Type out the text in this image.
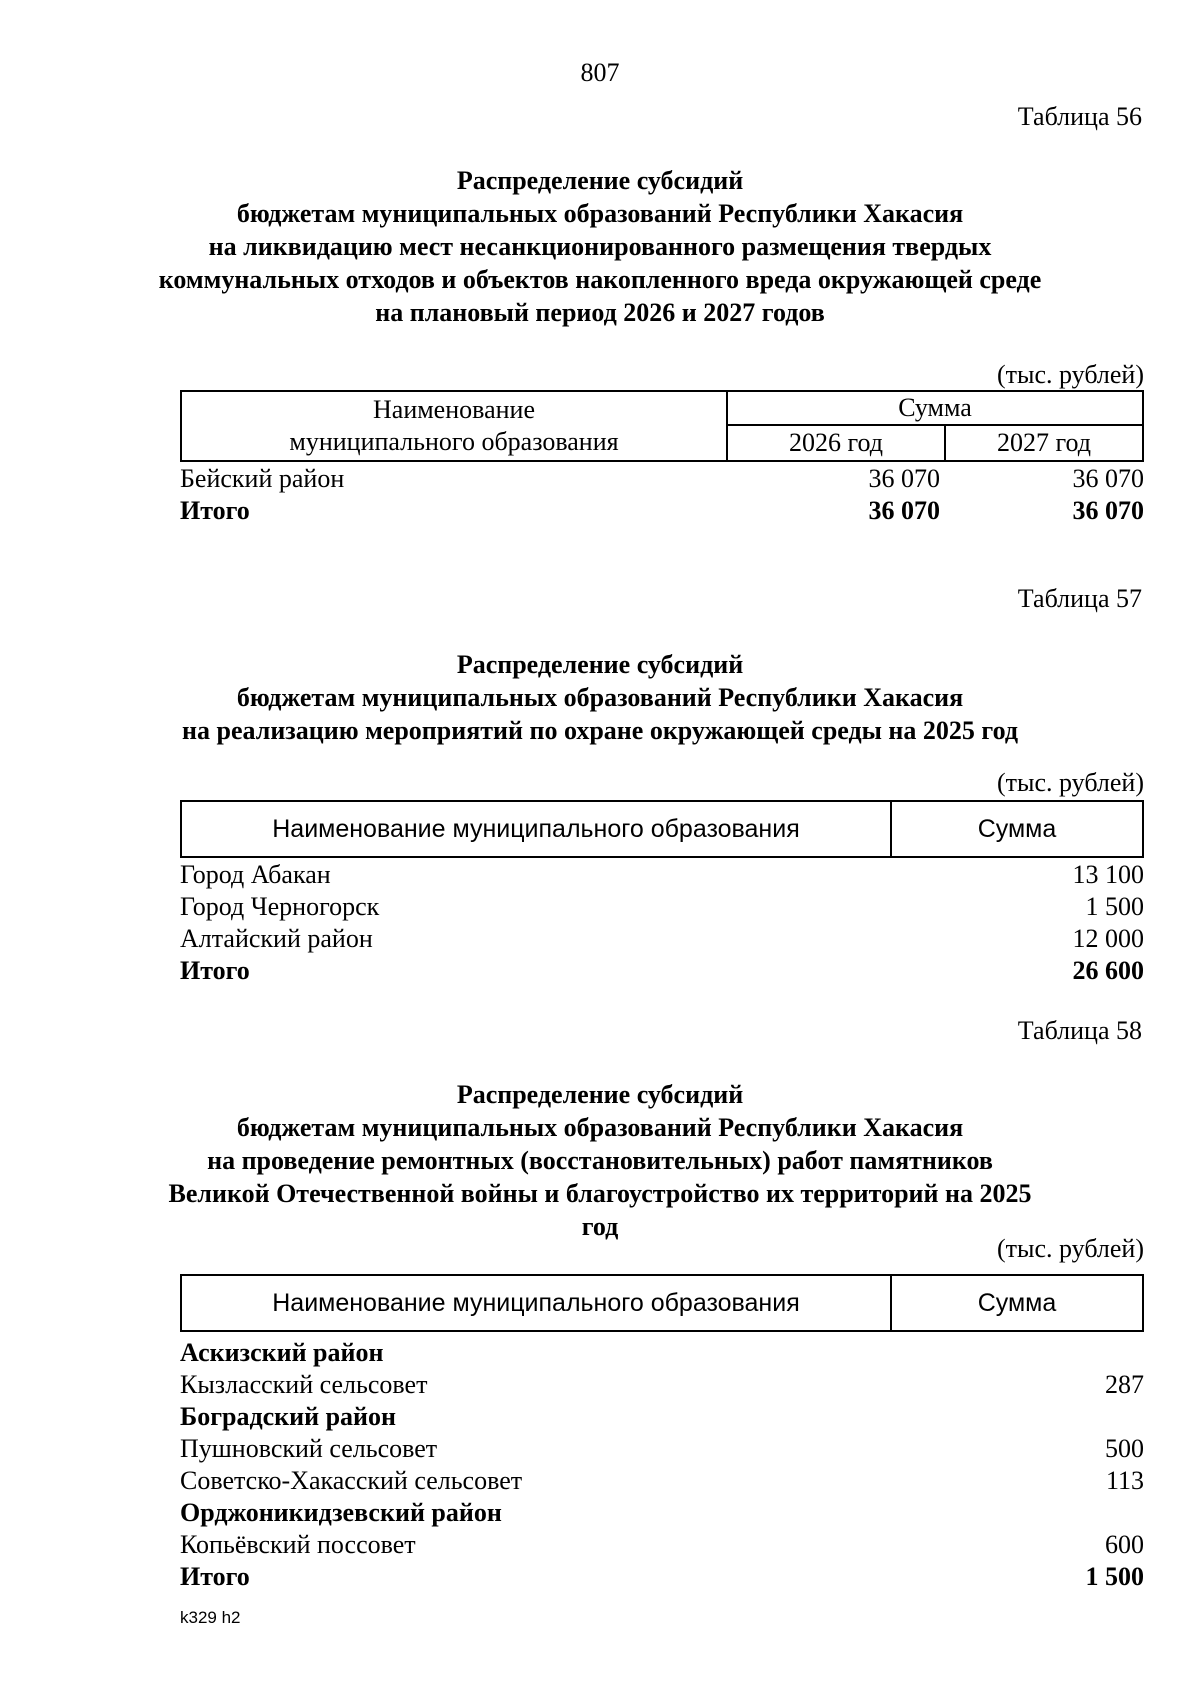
807
Таблица 56
Распределение субсидий
бюджетам муниципальных образований Республики Хакасия
на ликвидацию мест несанкционированного размещения твердых
коммунальных отходов и объектов накопленного вреда окружающей среде
на плановый период 2026 и 2027 годов
(тыс. рублей)
Наименование
муниципального образования
Сумма
2026 год	2027 год
Бейский район	36 070	36 070
Итого	36 070	36 070
Таблица 57
Распределение субсидий
бюджетам муниципальных образований Республики Хакасия
на реализацию мероприятий по охране окружающей среды на 2025 год
(тыс. рублей)
Наименование муниципального образования	Сумма
Город Абакан	13 100
Город Черногорск	1 500
Алтайский район	12 000
Итого	26 600
Таблица 58
Распределение субсидий
бюджетам муниципальных образований Республики Хакасия
на проведение ремонтных (восстановительных) работ памятников
Великой Отечественной войны и благоустройство их территорий на 2025 год
(тыс. рублей)
Наименование муниципального образования	Сумма
Аскизский район
Кызласский сельсовет	287
Боградский район
Пушновский сельсовет	500
Советско-Хакасский сельсовет	113
Орджоникидзевский район
Копьёвский поссовет	600
Итого	1 500
k329 h2
